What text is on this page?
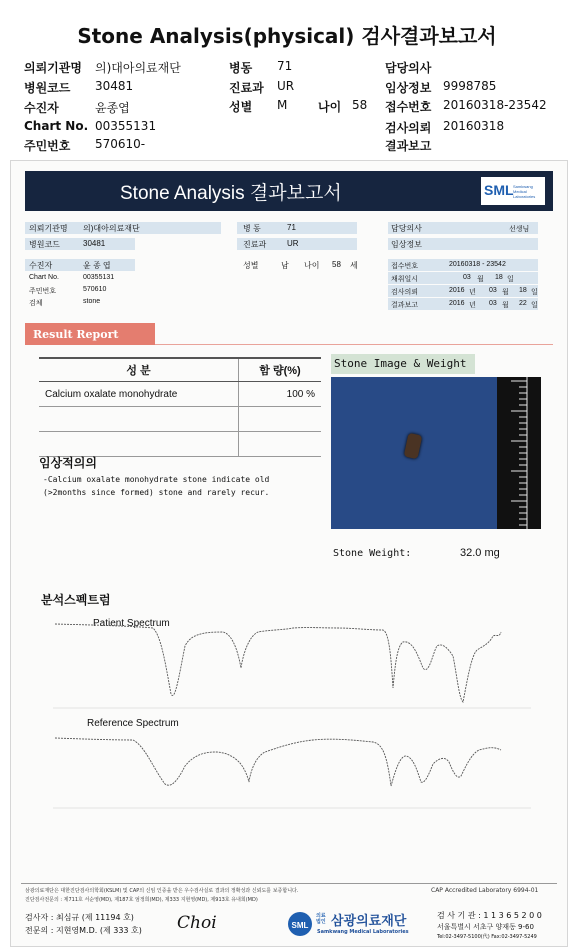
Stone Analysis(physical) 검사결과보고서
의뢰기관명 의)대아의료재단
병원코드 30481
수진자	윤종엽
Chart No. 00355131
주민번호 570610-
병동 71
진료과 UR
성별 M	나이 58
담당의사
임상정보 9998785
접수번호 20160318-23542
검사의뢰 20160318
결과보고
Stone Analysis 결과보고서	SML Samkwang Medical Laboratories
의뢰기관명 의)대아의료재단
병원코드	30481
수진자	윤 종 엽
Chart No.	00355131
주민번호	570610
검체	stone
병 동	71
진료과	UR
성별	남 나이 58 세
담당의사	선생님
임상정보
접수번호	20160318 - 23542
채취일시	03 월 18 일
검사의뢰	2016 년 03 월 18 일
결과보고	2016 년 03 월 22 일
Result Report
성 분	함 량(%)
Calcium oxalate monohydrate	100 %

Stone Image & Weight
임상적의의
-Calcium oxalate monohydrate stone indicate old
(>2months since formed) stone and rarely recur.
Stone Weight:	32.0 mg
분석스펙트럼
Patient Spectrum
Reference Spectrum
삼광의료재단은 대한진단검사의학회(KSLM) 및 CAP의 신임 인증을 받은 우수검사실로 결과의 정확성과 신뢰도를 보증합니다.
진단검사전문의 : 제711호 서순영(MD), 제187호 엄정희(MD), 제333 지현영(MD), 제913호 유내희(MD)
CAP Accredited Laboratory 6994-01
검사자 : 최심규 (제 11194 호)
전문의 : 지현영M.D. (제 333 호) Choi	SML
의료법인 삼광의료재단
Samkwang Medical Laboratories
검 사 기 관 : 1 1 3 6 5 2 0 0
서울특별시 서초구 양재동 9-60
Tel:02-3497-5100(代) Fax:02-3497-5249
